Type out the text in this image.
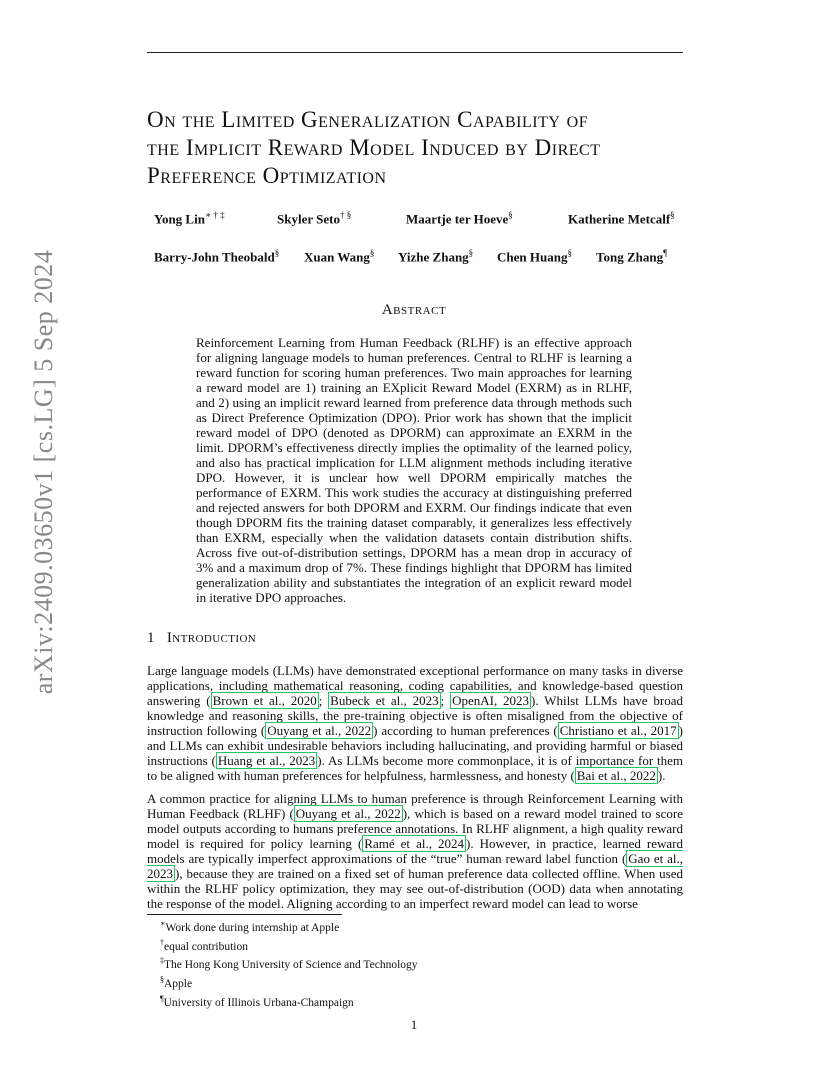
arXiv:2409.03650v1 [cs.LG] 5 Sep 2024
On the Limited Generalization Capability of
the Implicit Reward Model Induced by Direct
Preference Optimization
Yong Lin∗ † ‡	Skyler Seto† §	Maartje ter Hoeve§	Katherine Metcalf§
Barry-John Theobald§ Xuan Wang§ Yizhe Zhang§ Chen Huang§ Tong Zhang¶
Abstract

Reinforcement Learning from Human Feedback (RLHF) is an effective approach for aligning language models to human preferences. Central to RLHF is learning a reward function for scoring human preferences. Two main approaches for learning a reward model are 1) training an EXplicit Reward Model (EXRM) as in RLHF, and 2) using an implicit reward learned from preference data through methods such as Direct Preference Optimization (DPO). Prior work has shown that the implicit reward model of DPO (denoted as DPORM) can approximate an EXRM in the limit. DPORM’s effectiveness directly implies the optimality of the learned policy, and also has practical implication for LLM alignment methods including iterative DPO. However, it is unclear how well DPORM empirically matches the performance of EXRM. This work studies the accuracy at distinguishing preferred and rejected answers for both DPORM and EXRM. Our findings indicate that even though DPORM fits the training dataset comparably, it generalizes less effectively than EXRM, especially when the validation datasets contain distribution shifts. Across five out-of-distribution settings, DPORM has a mean drop in accuracy of 3% and a maximum drop of 7%. These findings highlight that DPORM has limited generalization ability and substantiates the integration of an explicit reward model in iterative DPO approaches.

1 Introduction

Large language models (LLMs) have demonstrated exceptional performance on many tasks in diverse applications, including mathematical reasoning, coding capabilities, and knowledge-based question answering ( Brown et al., 2020 ; Bubeck et al., 2023 ; OpenAI, 2023 ). Whilst LLMs have broad knowledge and reasoning skills, the pre-training objective is often misaligned from the objective of instruction following ( Ouyang et al., 2022 ) according to human preferences ( Christiano et al., 2017 ) and LLMs can exhibit undesirable behaviors including hallucinating, and providing harmful or biased instructions ( Huang et al., 2023 ). As LLMs become more commonplace, it is of importance for them to be aligned with human preferences for helpfulness, harmlessness, and honesty ( Bai et al., 2022 ).

A common practice for aligning LLMs to human preference is through Reinforcement Learning with Human Feedback (RLHF) ( Ouyang et al., 2022 ), which is based on a reward model trained to score model outputs according to humans preference annotations. In RLHF alignment, a high quality reward model is required for policy learning ( Ramé et al., 2024 ). However, in practice, learned reward models are typically imperfect approximations of the “true” human reward label function ( Gao et al., 2023 ), because they are trained on a fixed set of human preference data collected offline. When used within the RLHF policy optimization, they may see out-of-distribution (OOD) data when annotating the response of the model. Aligning according to an imperfect reward model can lead to worse

∗Work done during internship at Apple
†equal contribution
‡The Hong Kong University of Science and Technology
§Apple
¶University of Illinois Urbana-Champaign
1
